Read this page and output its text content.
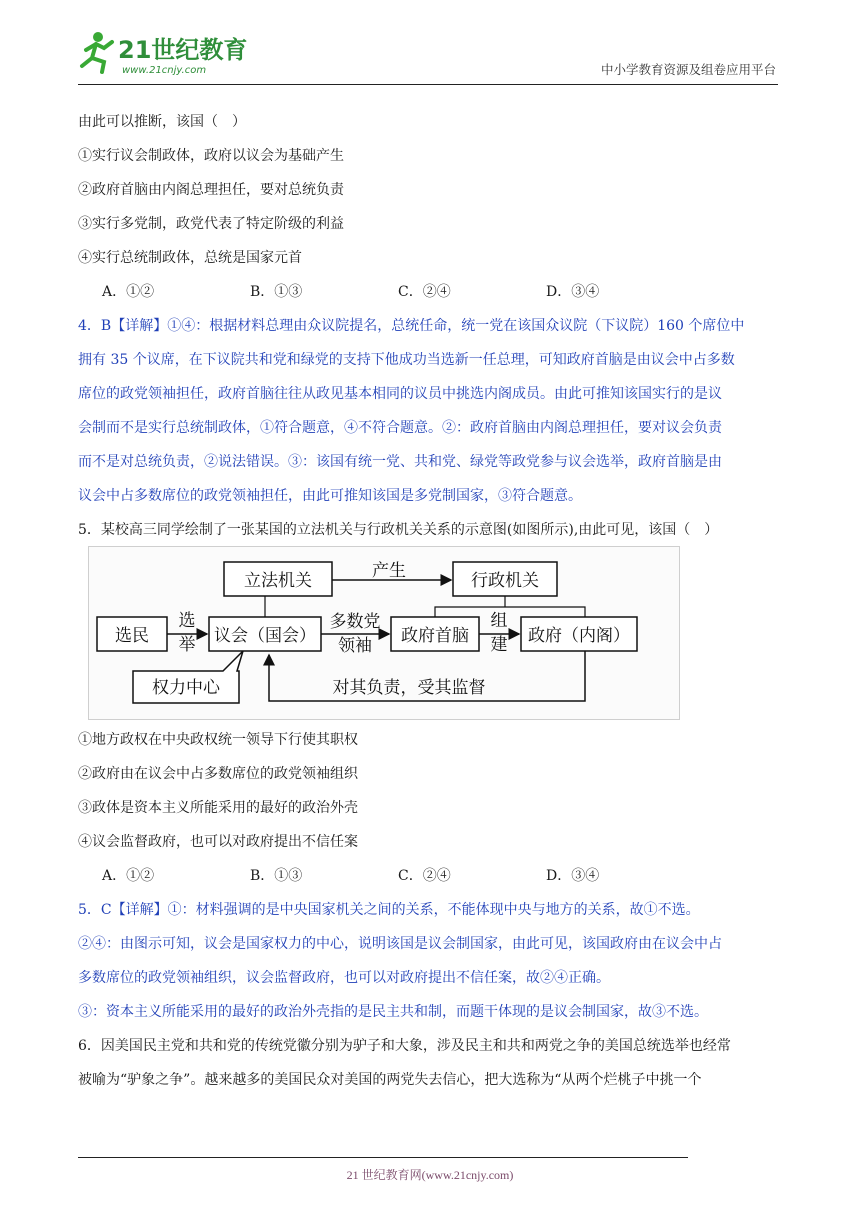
21世纪教育
www.21cnjy.com	中小学教育资源及组卷应用平台
由此可以推断，该国（　）
①实行议会制政体，政府以议会为基础产生
②政府首脑由内阁总理担任，要对总统负责
③实行多党制，政党代表了特定阶级的利益
④实行总统制政体，总统是国家元首
A．①②	B．①③	C．②④	D．③④
4．B【详解】①④：根据材料总理由众议院提名，总统任命，统一党在该国众议院（下议院）160 个席位中
拥有 35 个议席，在下议院共和党和绿党的支持下他成功当选新一任总理，可知政府首脑是由议会中占多数
席位的政党领袖担任，政府首脑往往从政见基本相同的议员中挑选内阁成员。由此可推知该国实行的是议
会制而不是实行总统制政体，①符合题意，④不符合题意。②：政府首脑由内阁总理担任，要对议会负责
而不是对总统负责，②说法错误。③：该国有统一党、共和党、绿党等政党参与议会选举，政府首脑是由
议会中占多数席位的政党领袖担任，由此可推知该国是多党制国家，③符合题意。
5．某校高三同学绘制了一张某国的立法机关与行政机关关系的示意图(如图所示),由此可见，该国（　）
立法机关	产生	行政机关
选民
选
举 议会（国会）
多数党
领袖 政府首脑
组
建 政府（内阁）
权力中心	对其负责，受其监督
①地方政权在中央政权统一领导下行使其职权
②政府由在议会中占多数席位的政党领袖组织
③政体是资本主义所能采用的最好的政治外壳
④议会监督政府，也可以对政府提出不信任案
A．①②	B．①③	C．②④	D．③④
5．C【详解】①：材料强调的是中央国家机关之间的关系，不能体现中央与地方的关系，故①不选。
②④：由图示可知，议会是国家权力的中心，说明该国是议会制国家，由此可见，该国政府由在议会中占
多数席位的政党领袖组织，议会监督政府，也可以对政府提出不信任案，故②④正确。
③：资本主义所能采用的最好的政治外壳指的是民主共和制，而题干体现的是议会制国家，故③不选。
6．因美国民主党和共和党的传统党徽分别为驴子和大象，涉及民主和共和两党之争的美国总统选举也经常
被喻为“驴象之争”。越来越多的美国民众对美国的两党失去信心，把大选称为“从两个烂桃子中挑一个
21 世纪教育网(www.21cnjy.com)
